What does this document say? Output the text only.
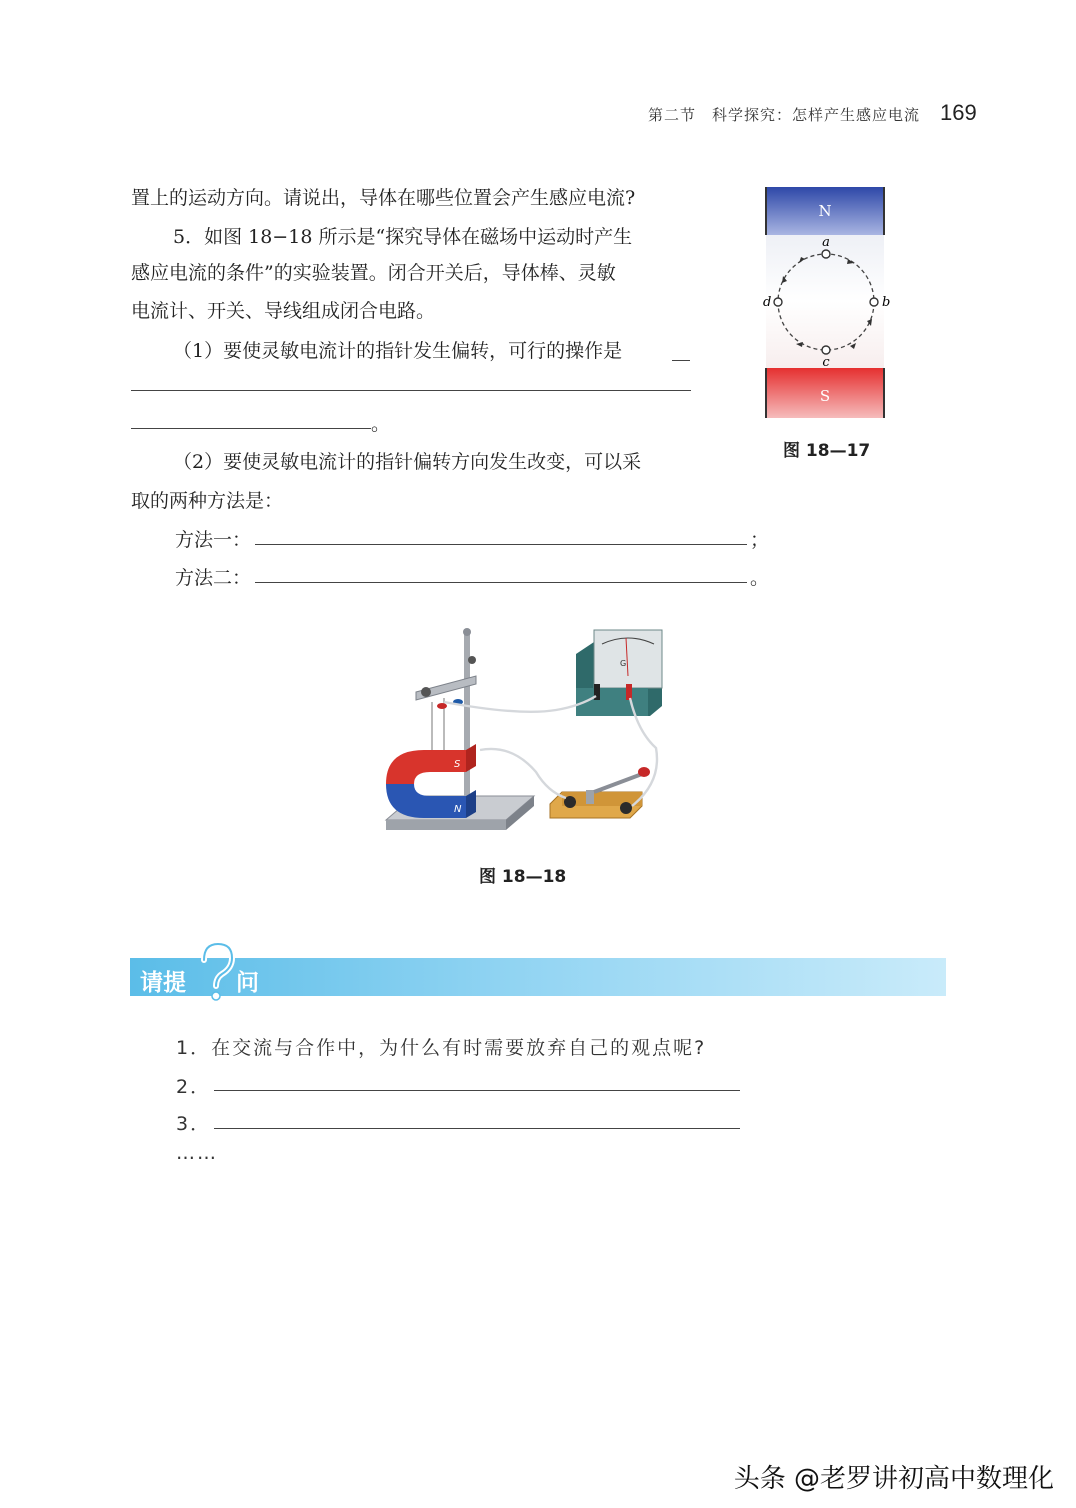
第二节　科学探究：怎样产生感应电流 169
置上的运动方向。请说出，导体在哪些位置会产生感应电流?
5．如图 18−18 所示是“探究导体在磁场中运动时产生
感应电流的条件”的实验装置。闭合开关后，导体棒、灵敏
电流计、开关、导线组成闭合电路。
（1）要使灵敏电流计的指针发生偏转，可行的操作是
。
（2）要使灵敏电流计的指针偏转方向发生改变，可以采
取的两种方法是：
方法一：	；
方法二：	。
N
S
a
b
c
d
图 18—17
S
N
G
图 18—18
请提 问
1．在交流与合作中，为什么有时需要放弃自己的观点呢?
2．
3．
……
头条 @老罗讲初高中数理化
